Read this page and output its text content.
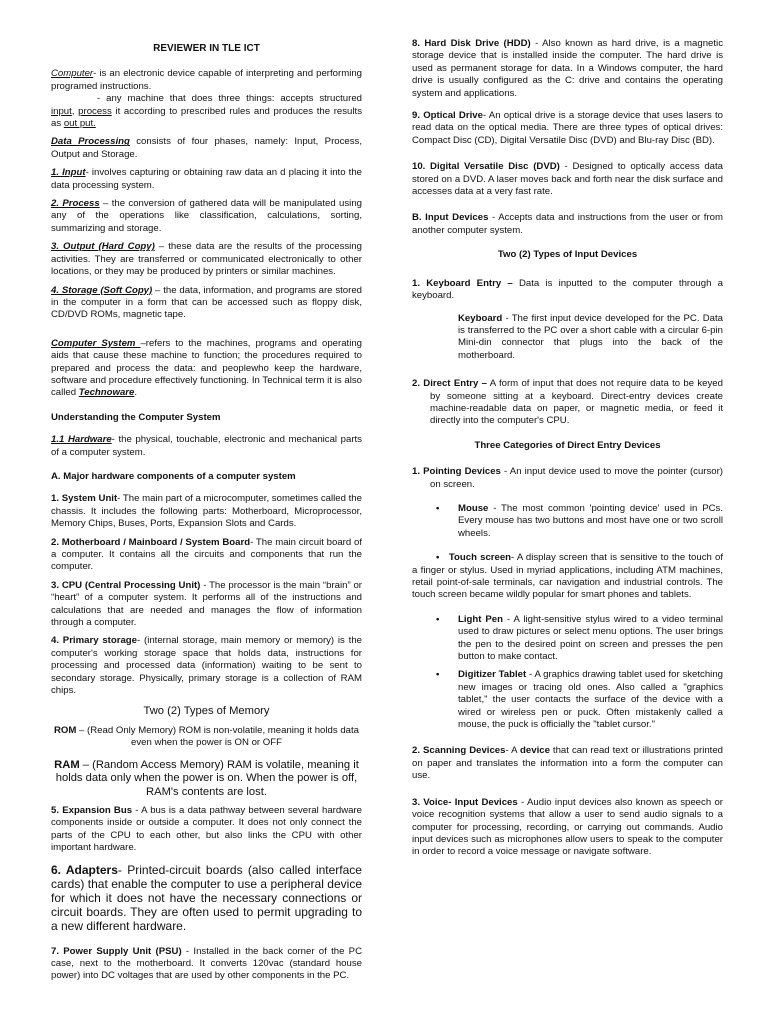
REVIEWER IN TLE ICT

Computer- is an electronic device capable of interpreting and performing programed instructions.
- any machine that does three things: accepts structured input, process it according to prescribed rules and produces the results as out put.

Data Processing consists of four phases, namely: Input, Process, Output and Storage.

1. Input- involves capturing or obtaining raw data an d placing it into the data processing system.

2. Process – the conversion of gathered data will be manipulated using any of the operations like classification, calculations, sorting, summarizing and storage.

3. Output (Hard Copy) – these data are the results of the processing activities. They are transferred or communicated electronically to other locations, or they may be produced by printers or similar machines.

4. Storage (Soft Copy) – the data, information, and programs are stored in the computer in a form that can be accessed such as floppy disk, CD/DVD ROMs, magnetic tape.

Computer System –refers to the machines, programs and operating aids that cause these machine to function; the procedures required to prepared and process the data: and peoplewho keep the hardware, software and procedure effectively functioning. In Technical term it is also called Technoware.

Understanding the Computer System

1.1 Hardware- the physical, touchable, electronic and mechanical parts of a computer system.

A. Major hardware components of a computer system

1. System Unit- The main part of a microcomputer, sometimes called the chassis. It includes the following parts: Motherboard, Microprocessor, Memory Chips, Buses, Ports, Expansion Slots and Cards.

2. Motherboard / Mainboard / System Board- The main circuit board of a computer. It contains all the circuits and components that run the computer.

3. CPU (Central Processing Unit) - The processor is the main “brain” or “heart” of a computer system. It performs all of the instructions and calculations that are needed and manages the flow of information through a computer.

4. Primary storage- (internal storage, main memory or memory) is the computer's working storage space that holds data, instructions for processing and processed data (information) waiting to be sent to secondary storage. Physically, primary storage is a collection of RAM chips.

Two (2) Types of Memory

ROM – (Read Only Memory) ROM is non-volatile, meaning it holds data even when the power is ON or OFF

RAM – (Random Access Memory) RAM is volatile, meaning it holds data only when the power is on. When the power is off, RAM's contents are lost.

5. Expansion Bus - A bus is a data pathway between several hardware components inside or outside a computer. It does not only connect the parts of the CPU to each other, but also links the CPU with other important hardware.

6. Adapters- Printed-circuit boards (also called interface cards) that enable the computer to use a peripheral device for which it does not have the necessary connections or circuit boards. They are often used to permit upgrading to a new different hardware.

7. Power Supply Unit (PSU) - Installed in the back corner of the PC case, next to the motherboard. It converts 120vac (standard house power) into DC voltages that are used by other components in the PC.

8. Hard Disk Drive (HDD) - Also known as hard drive, is a magnetic storage device that is installed inside the computer. The hard drive is used as permanent storage for data. In a Windows computer, the hard drive is usually configured as the C: drive and contains the operating system and applications.

9. Optical Drive- An optical drive is a storage device that uses lasers to read data on the optical media. There are three types of optical drives: Compact Disc (CD), Digital Versatile Disc (DVD) and Blu-ray Disc (BD).

10. Digital Versatile Disc (DVD) - Designed to optically access data stored on a DVD. A laser moves back and forth near the disk surface and accesses data at a very fast rate.

B. Input Devices - Accepts data and instructions from the user or from another computer system.

Two (2) Types of Input Devices

1. Keyboard Entry – Data is inputted to the computer through a keyboard.

Keyboard - The first input device developed for the PC. Data is transferred to the PC over a short cable with a circular 6-pin Mini-din connector that plugs into the back of the motherboard.

2. Direct Entry – A form of input that does not require data to be keyed by someone sitting at a keyboard. Direct-entry devices create machine-readable data on paper, or magnetic media, or feed it directly into the computer's CPU.

Three Categories of Direct Entry Devices

1. Pointing Devices - An input device used to move the pointer (cursor) on screen.

• Mouse - The most common 'pointing device' used in PCs. Every mouse has two buttons and most have one or two scroll wheels.

• Touch screen- A display screen that is sensitive to the touch of a finger or stylus. Used in myriad applications, including ATM machines, retail point-of-sale terminals, car navigation and industrial controls. The touch screen became wildly popular for smart phones and tablets.

• Light Pen - A light-sensitive stylus wired to a video terminal used to draw pictures or select menu options. The user brings the pen to the desired point on screen and presses the pen button to make contact.

• Digitizer Tablet - A graphics drawing tablet used for sketching new images or tracing old ones. Also called a "graphics tablet," the user contacts the surface of the device with a wired or wireless pen or puck. Often mistakenly called a mouse, the puck is officially the "tablet cursor."

2. Scanning Devices- A device that can read text or illustrations printed on paper and translates the information into a form the computer can use.

3. Voice- Input Devices - Audio input devices also known as speech or voice recognition systems that allow a user to send audio signals to a computer for processing, recording, or carrying out commands. Audio input devices such as microphones allow users to speak to the computer in order to record a voice message or navigate software.
